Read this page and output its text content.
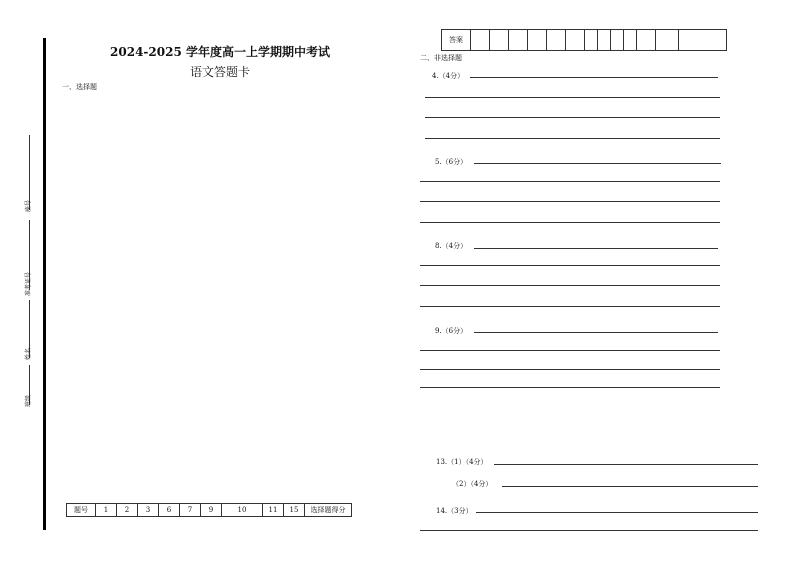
2024-2025 学年度高一上学期期中考试
语文答题卡
一、选择题
座号
准考证号
姓名
班级
题号	1	2	3	6	7	9	10	11	15	选择题得分
答案													
二、非选择题
4.（4分）
5.（6分）
8.（4分）
9.（6分）
13.（1）（4分）
（2）（4分）
14.（3分）
